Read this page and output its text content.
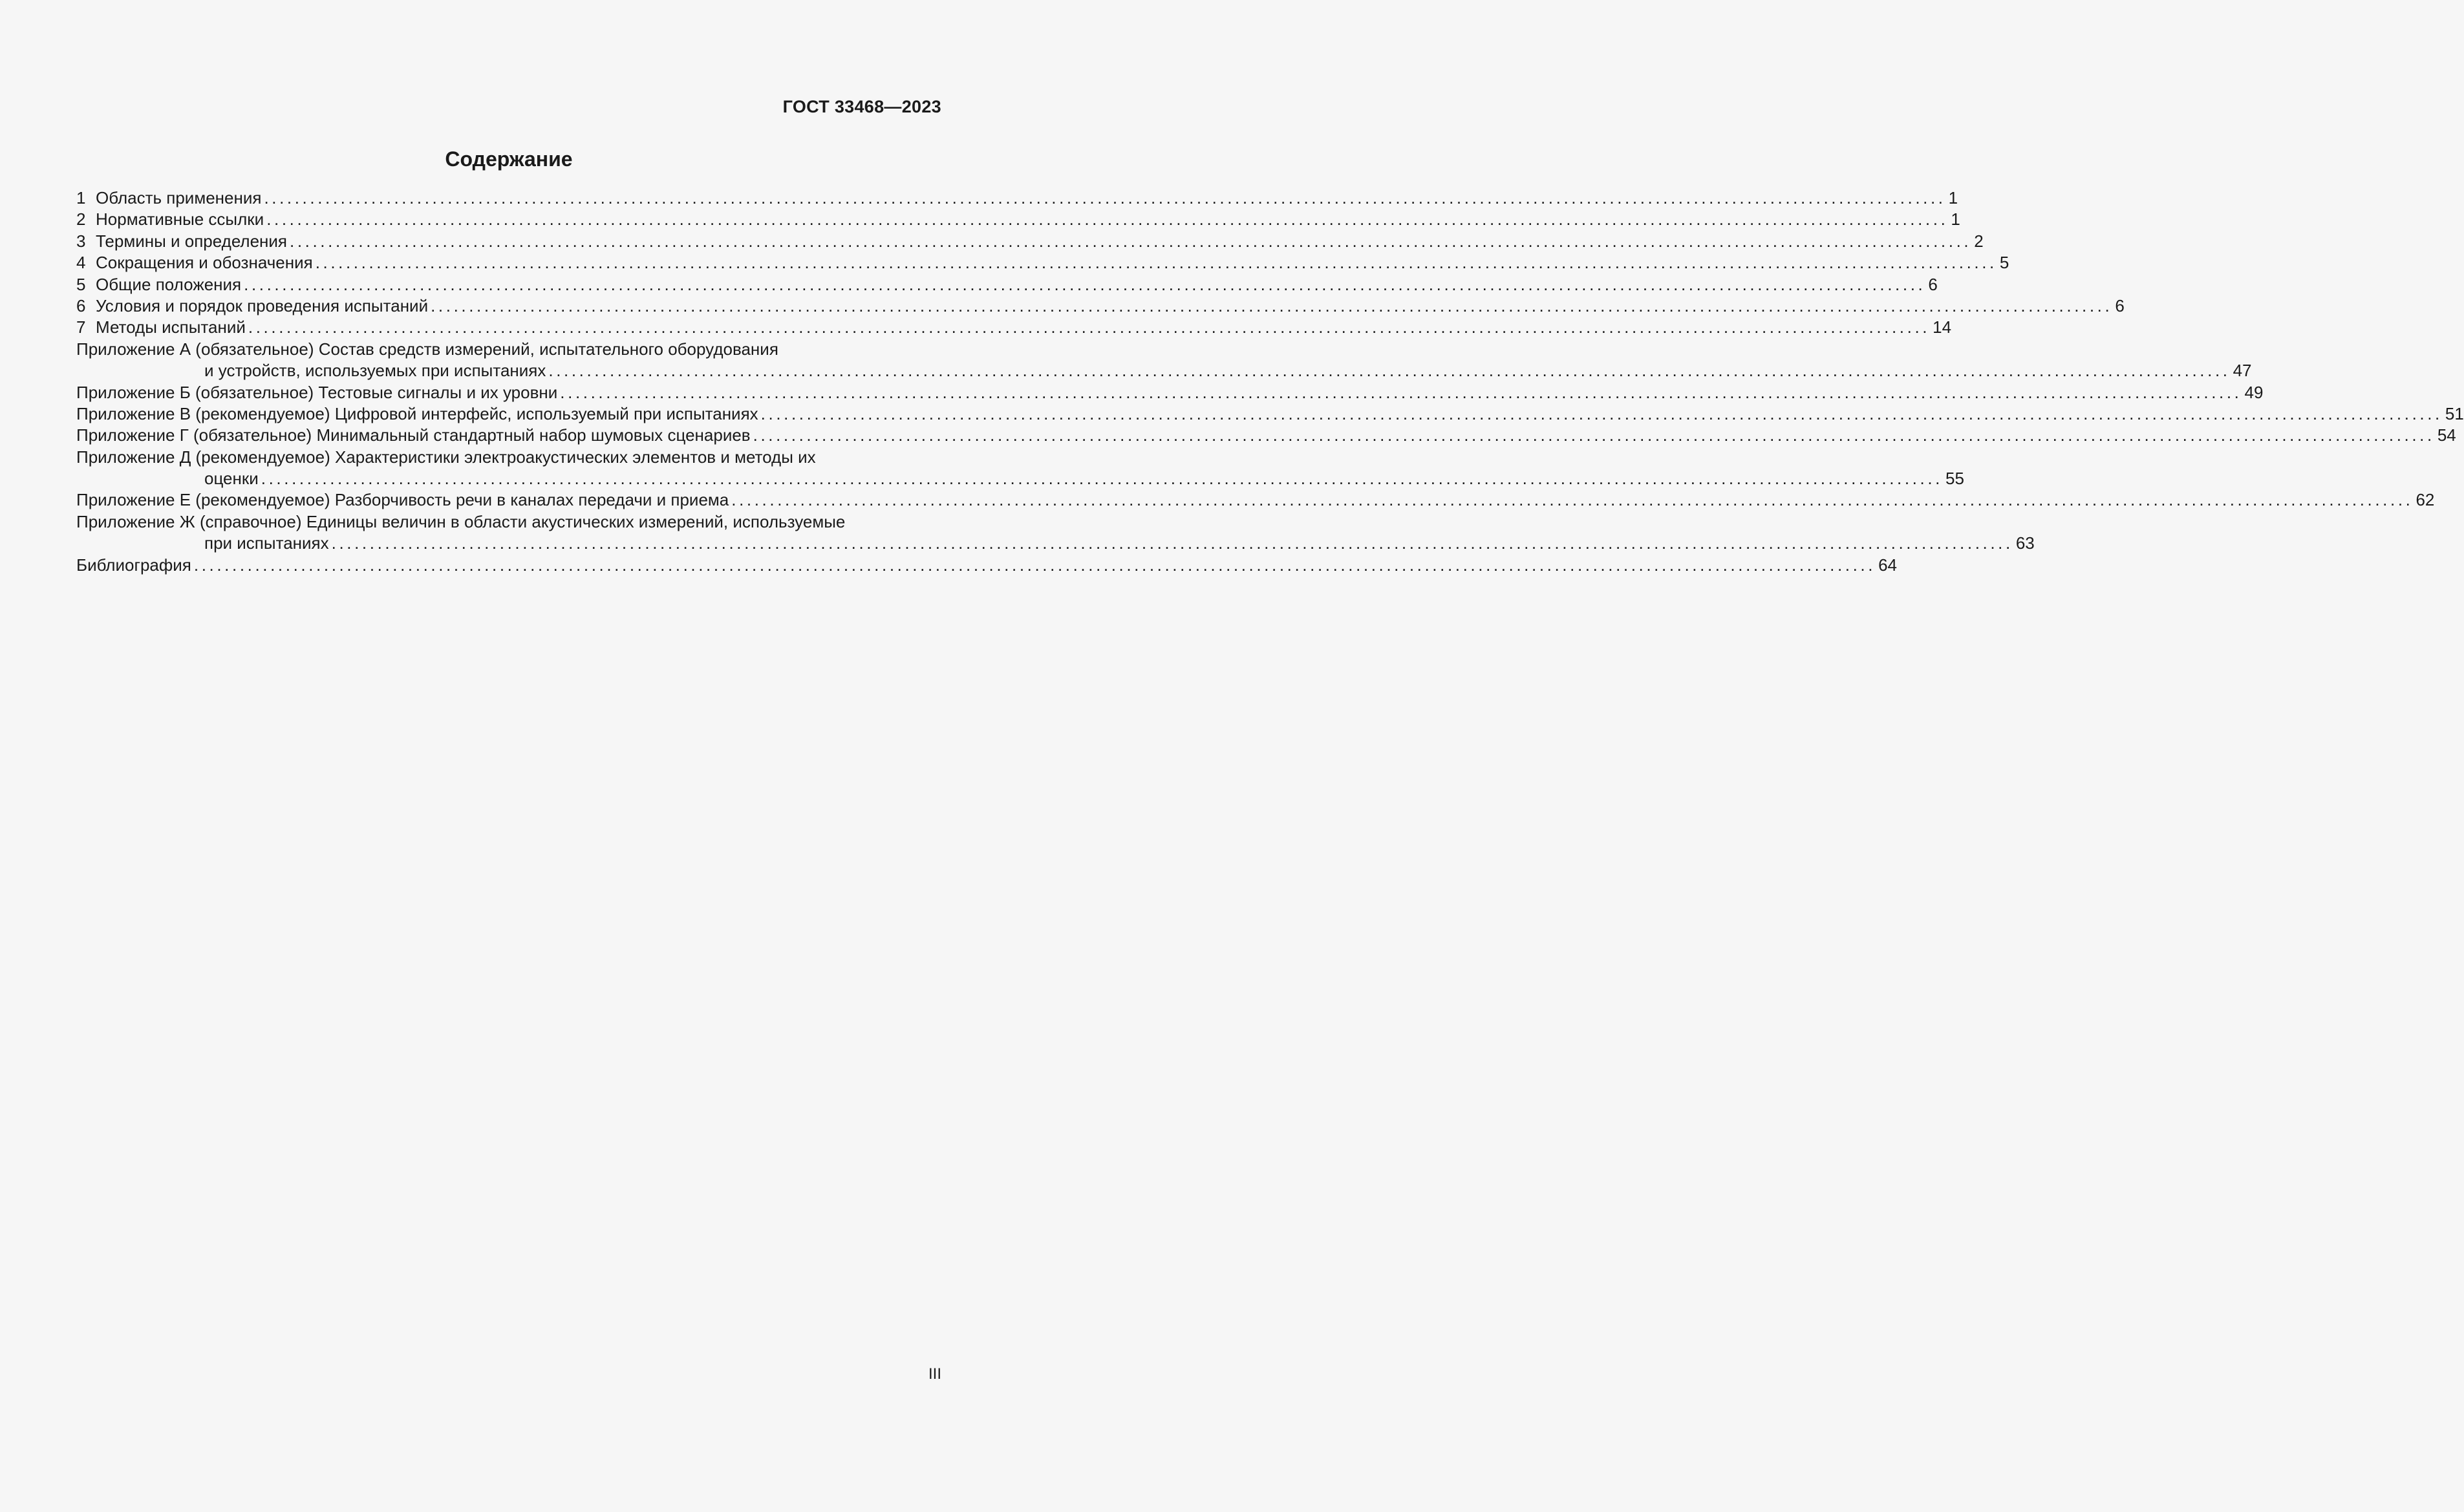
ГОСТ 33468—2023
Содержание
1 Область применения ............................................................................................................................................................................................................................ 1
2 Нормативные ссылки ............................................................................................................................................................................................................................ 1
3 Термины и определения ............................................................................................................................................................................................................................ 2
4 Сокращения и обозначения ............................................................................................................................................................................................................................ 5
5 Общие положения ............................................................................................................................................................................................................................ 6
6 Условия и порядок проведения испытаний ............................................................................................................................................................................................................................ 6
7 Методы испытаний ............................................................................................................................................................................................................................ 14
Приложение А (обязательное) Состав средств измерений, испытательного оборудования
и устройств, используемых при испытаниях ............................................................................................................................................................................................................................ 47
Приложение Б (обязательное) Тестовые сигналы и их уровни ............................................................................................................................................................................................................................ 49
Приложение В (рекомендуемое) Цифровой интерфейс, используемый при испытаниях ............................................................................................................................................................................................................................ 51
Приложение Г (обязательное) Минимальный стандартный набор шумовых сценариев ............................................................................................................................................................................................................................ 54
Приложение Д (рекомендуемое) Характеристики электроакустических элементов и методы их
оценки ............................................................................................................................................................................................................................ 55
Приложение Е (рекомендуемое) Разборчивость речи в каналах передачи и приема ............................................................................................................................................................................................................................ 62
Приложение Ж (справочное) Единицы величин в области акустических измерений, используемые
при испытаниях ............................................................................................................................................................................................................................ 63
Библиография ............................................................................................................................................................................................................................ 64
III
